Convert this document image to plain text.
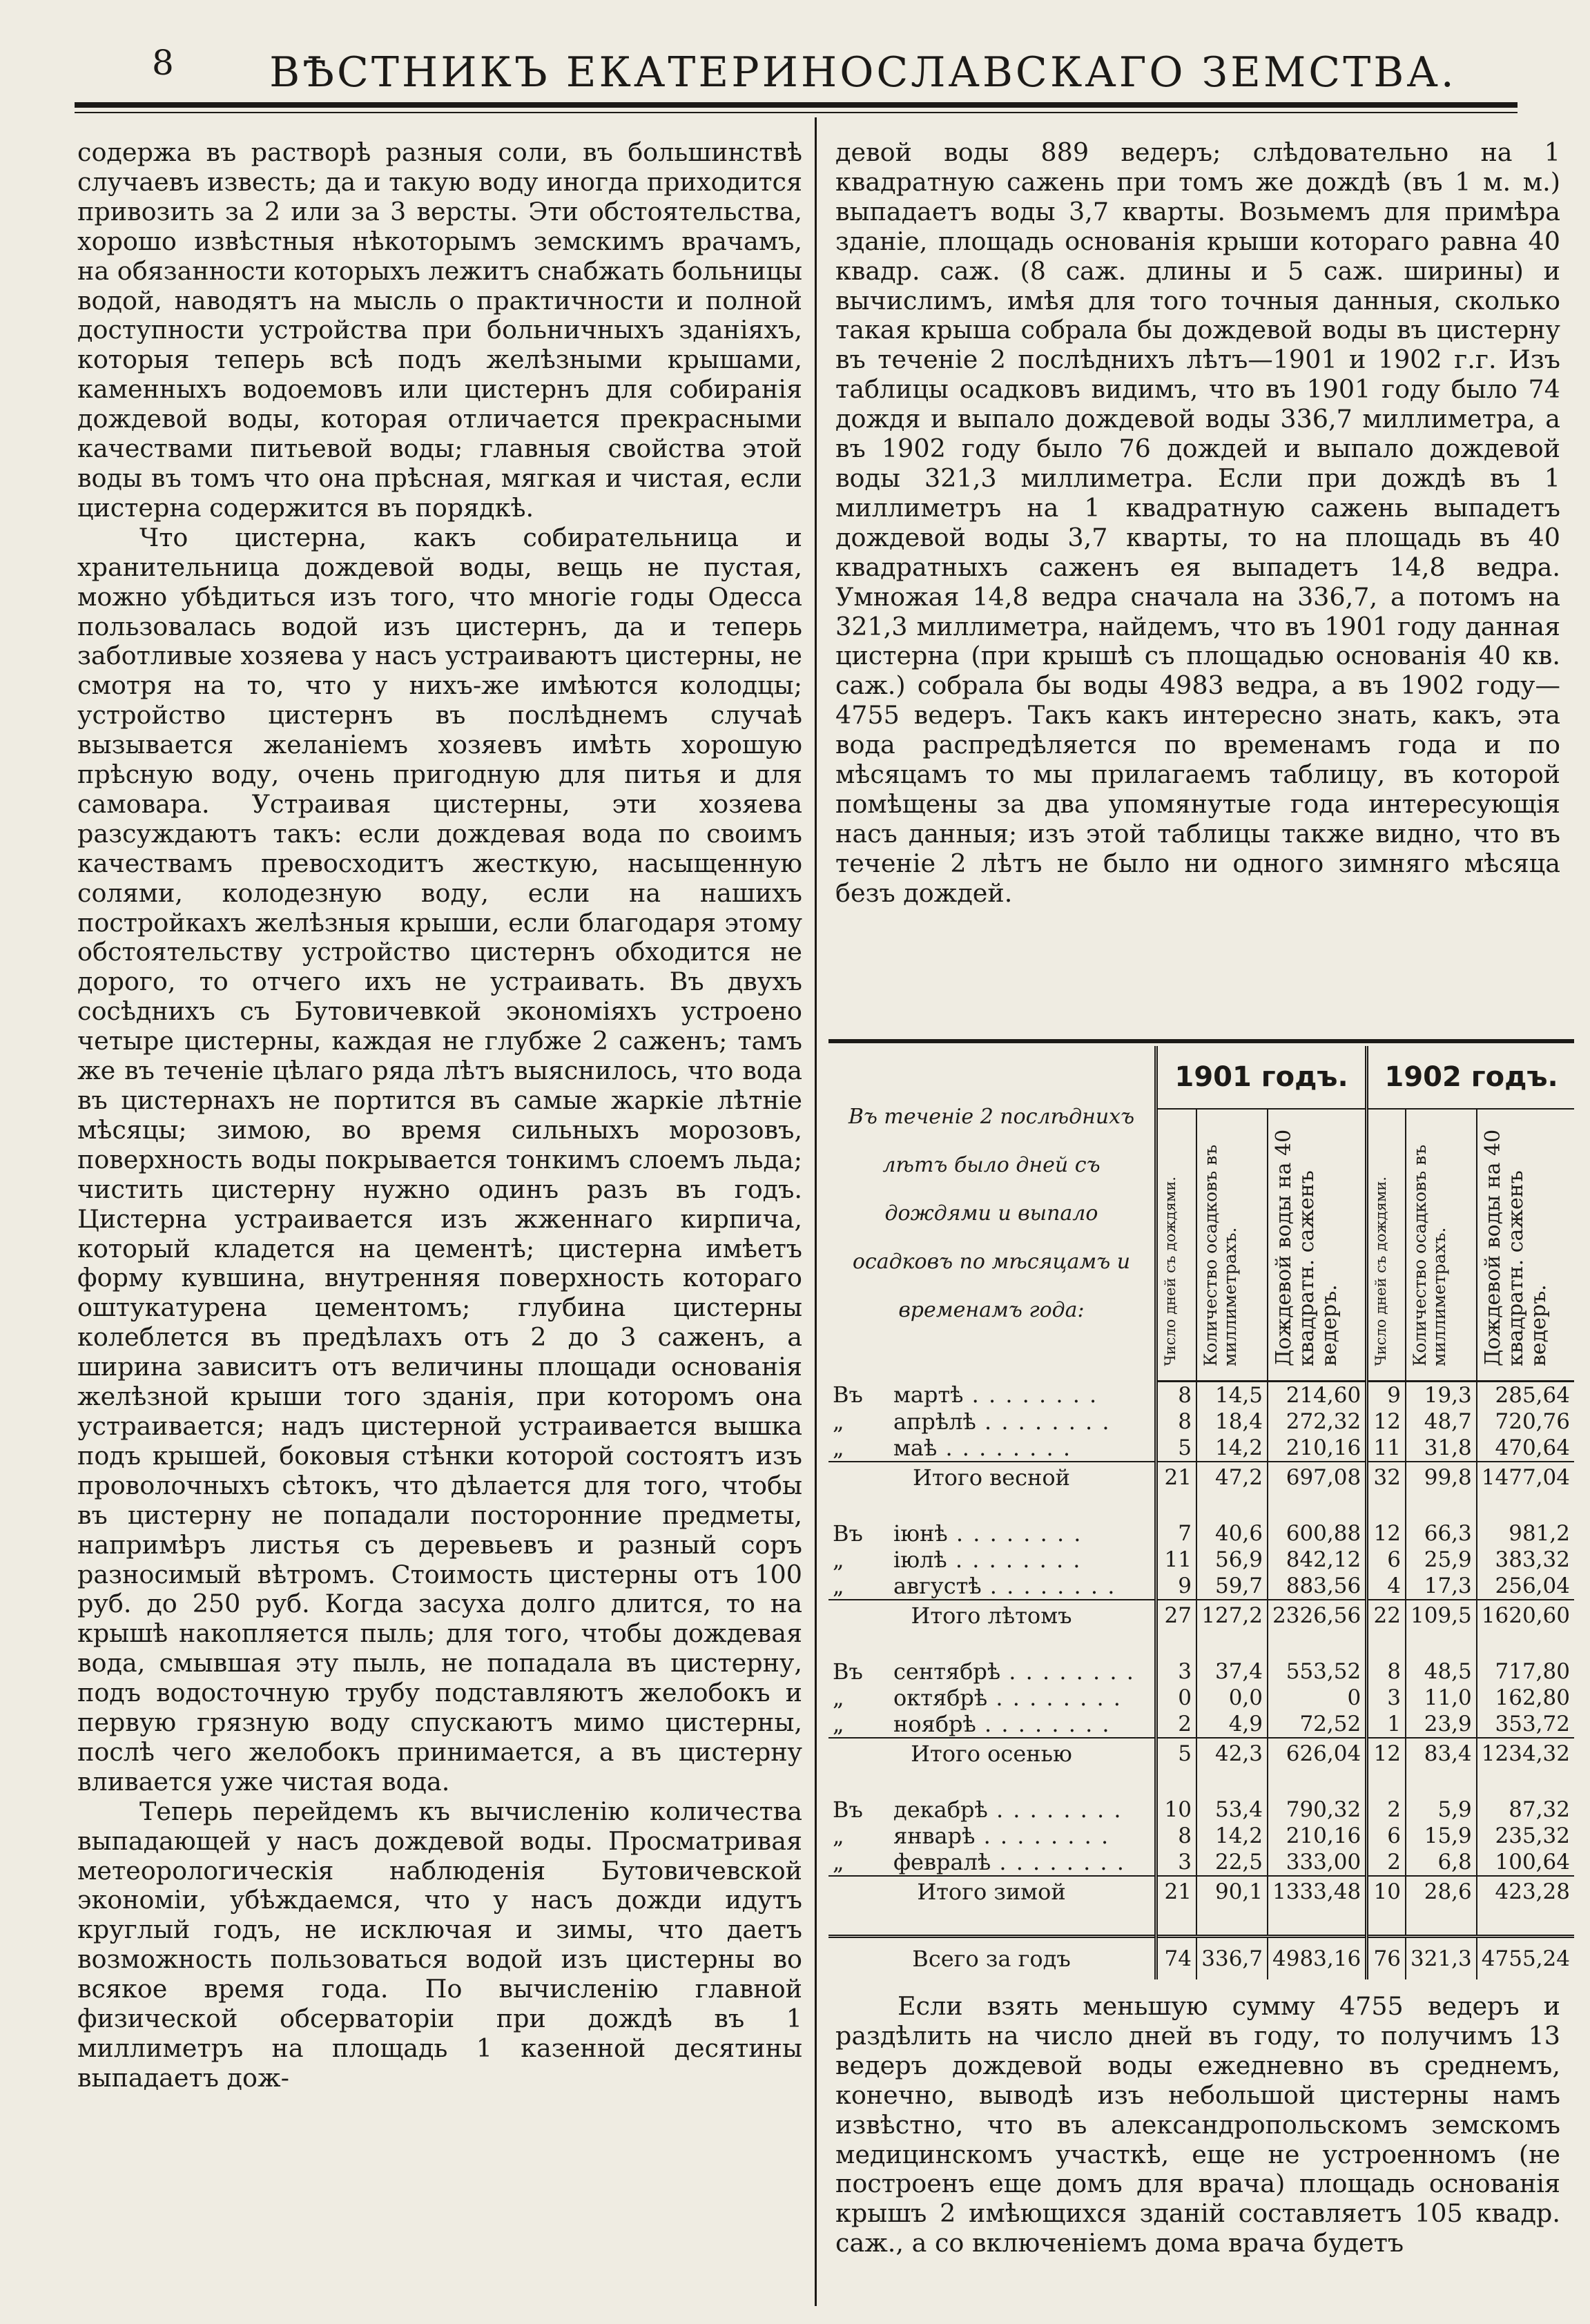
8	ВѢСТНИКЪ ЕКАТЕРИНОСЛАВСКАГО ЗЕМСТВА.

содержа въ растворѣ разныя соли, въ большинствѣ случаевъ известь; да и такую воду иногда приходится привозить за 2 или за 3 версты. Эти обстоятельства, хорошо извѣстныя нѣкоторымъ земскимъ врачамъ, на обязанности которыхъ лежитъ снабжать больницы водой, наводятъ на мысль о практичности и полной доступности устройства при больничныхъ зданiяхъ, которыя теперь всѣ подъ желѣзными крышами, каменныхъ водоемовъ или цистернъ для собиранiя дождевой воды, которая отличается прекрасными качествами питьевой воды; главныя свойства этой воды въ томъ что она прѣсная, мягкая и чистая, если цистерна содержится въ порядкѣ.

Что цистерна, какъ собирательница и хранительница дождевой воды, вещь не пустая, можно убѣдиться изъ того, что многiе годы Одесса пользовалась водой изъ цистернъ, да и теперь заботливые хозяева у насъ устраиваютъ цистерны, не смотря на то, что у нихъ-же имѣются колодцы; устройство цистернъ въ послѣднемъ случаѣ вызывается желанiемъ хозяевъ имѣть хорошую прѣсную воду, очень пригодную для питья и для самовара. Устраивая цистерны, эти хозяева разсуждаютъ такъ: если дождевая вода по своимъ качествамъ превосходитъ жесткую, насыщенную солями, колодезную воду, если на нашихъ постройкахъ желѣзныя крыши, если благодаря этому обстоятельству устройство цистернъ обходится не дорого, то отчего ихъ не устраивать. Въ двухъ сосѣднихъ съ Бутовичевкой экономiяхъ устроено четыре цистерны, каждая не глубже 2 саженъ; тамъ же въ теченiе цѣлаго ряда лѣтъ выяснилось, что вода въ цистернахъ не портится въ самые жаркiе лѣтнiе мѣсяцы; зимою, во время сильныхъ морозовъ, поверхность воды покрывается тонкимъ слоемъ льда; чистить цистерну нужно одинъ разъ въ годъ. Цистерна устраивается изъ жженнаго кирпича, который кладется на цементѣ; цистерна имѣетъ форму кувшина, внутренняя поверхность котораго оштукатурена цементомъ; глубина цистерны колеблется въ предѣлахъ отъ 2 до 3 саженъ, а ширина зависитъ отъ величины площади основанiя желѣзной крыши того зданiя, при которомъ она устраивается; надъ цистерной устраивается вышка подъ крышей, боковыя стѣнки которой состоятъ изъ проволочныхъ сѣтокъ, что дѣлается для того, чтобы въ цистерну не попадали посторонние предметы, напримѣръ листья съ деревьевъ и разный соръ разносимый вѣтромъ. Стоимость цистерны отъ 100 руб. до 250 руб. Когда засуха долго длится, то на крышѣ накопляется пыль; для того, чтобы дождевая вода, смывшая эту пыль, не попадала въ цистерну, подъ водосточную трубу подставляютъ желобокъ и первую грязную воду спускаютъ мимо цистерны, послѣ чего желобокъ принимается, а въ цистерну вливается уже чистая вода.

Теперь перейдемъ къ вычисленiю количества выпадающей у насъ дождевой воды. Просматривая метеорологическiя наблюденiя Бутовичевской экономiи, убѣждаемся, что у насъ дожди идутъ круглый годъ, не исключая и зимы, что даетъ возможность пользоваться водой изъ цистерны во всякое время года. По вычисленiю главной физической обсерваторiи при дождѣ въ 1 миллиметръ на площадь 1 казенной десятины выпадаетъ дож-

девой воды 889 ведеръ; слѣдовательно на 1 квадратную сажень при томъ же дождѣ (въ 1 м. м.) выпадаетъ воды 3,7 кварты. Возьмемъ для примѣра зданiе, площадь основанiя крыши котораго равна 40 квадр. саж. (8 саж. длины и 5 саж. ширины) и вычислимъ, имѣя для того точныя данныя, сколько такая крыша собрала бы дождевой воды въ цистерну въ теченiе 2 послѣднихъ лѣтъ—1901 и 1902 г.г. Изъ таблицы осадковъ видимъ, что въ 1901 году было 74 дождя и выпало дождевой воды 336,7 миллиметра, а въ 1902 году было 76 дождей и выпало дождевой воды 321,3 миллиметра. Если при дождѣ въ 1 миллиметръ на 1 квадратную сажень выпадетъ дождевой воды 3,7 кварты, то на площадь въ 40 квадратныхъ саженъ ея выпадетъ 14,8 ведра. Умножая 14,8 ведра сначала на 336,7, а потомъ на 321,3 миллиметра, найдемъ, что въ 1901 году данная цистерна (при крышѣ съ площадью основанiя 40 кв. саж.) собрала бы воды 4983 ведра, а въ 1902 году—4755 ведеръ. Такъ какъ интересно знать, какъ, эта вода распредѣляется по временамъ года и по мѣсяцамъ то мы прилагаемъ таблицу, въ которой помѣщены за два упомянутые года интересующiя насъ данныя; изъ этой таблицы также видно, что въ теченiе 2 лѣтъ не было ни одного зимняго мѣсяца безъ дождей.

Въ теченiе 2 послѣднихъ лѣтъ было дней съ дождями и выпало осадковъ по мѣсяцамъ и временамъ года:	1901 годъ.			1902 годъ.		
	Число дней съ дождями.	Количество осадковъ въ миллиметрахъ.	Дождевой воды на 40 квадратн. саженъ ведеръ.	Число дней съ дождями.	Количество осадковъ въ миллиметрахъ.	Дождевой воды на 40 квадратн. саженъ ведеръ.
Въ мартѣ . . . . . . . .	8	14,5	214,60	9	19,3	285,64
„ апрѣлѣ . . . . . . . .	8	18,4	272,32	12	48,7	720,76
„ маѣ . . . . . . . .	5	14,2	210,16	11	31,8	470,64
Итого весной	21	47,2	697,08	32	99,8	1477,04

Въ iюнѣ . . . . . . . .	7	40,6	600,88	12	66,3	981,2
„ iюлѣ . . . . . . . .	11	56,9	842,12	6	25,9	383,32
„ августѣ . . . . . . . .	9	59,7	883,56	4	17,3	256,04
Итого лѣтомъ	27	127,2	2326,56	22	109,5	1620,60

Въ сентябрѣ . . . . . . . .	3	37,4	553,52	8	48,5	717,80
„ октябрѣ . . . . . . . .	0	0,0	0	3	11,0	162,80
„ ноябрѣ . . . . . . . .	2	4,9	72,52	1	23,9	353,72
Итого осенью	5	42,3	626,04	12	83,4	1234,32

Въ декабрѣ . . . . . . . .	10	53,4	790,32	2	5,9	87,32
„ январѣ . . . . . . . .	8	14,2	210,16	6	15,9	235,32
„ февралѣ . . . . . . . .	3	22,5	333,00	2	6,8	100,64
Итого зимой	21	90,1	1333,48	10	28,6	423,28

Всего за годъ	74	336,7	4983,16	76	321,3	4755,24

Если взять меньшую сумму 4755 ведеръ и раздѣлить на число дней въ году, то получимъ 13 ведеръ дождевой воды ежедневно въ среднемъ, конечно, выводѣ изъ небольшой цистерны намъ извѣстно, что въ александропольскомъ земскомъ медицинскомъ участкѣ, еще не устроенномъ (не построенъ еще домъ для врача) площадь основанiя крышъ 2 имѣющихся зданiй составляетъ 105 квадр. саж., а со включенiемъ дома врача будетъ
